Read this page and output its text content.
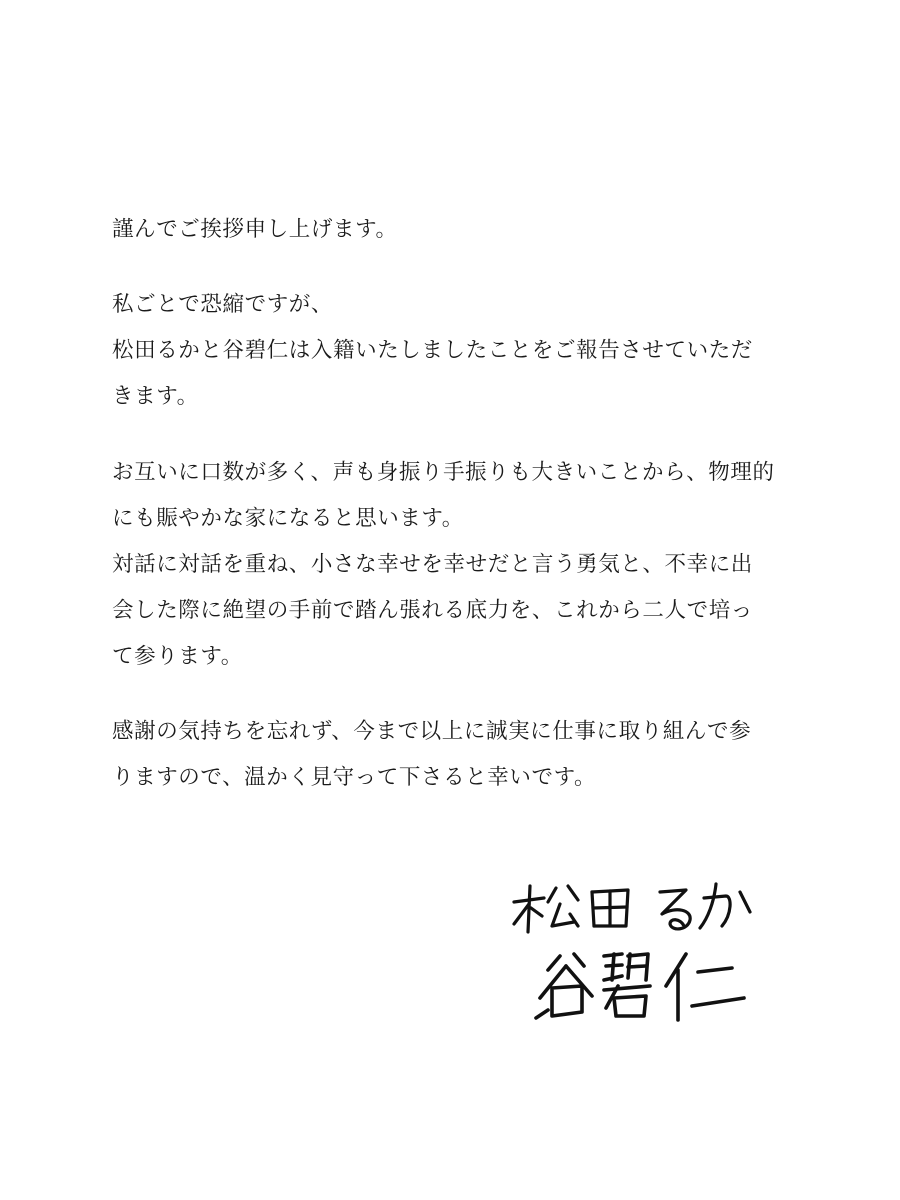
謹んでご挨拶申し上げます。
私ごとで恐縮ですが、
松田るかと谷碧仁は入籍いたしましたことをご報告させていただ
きます。
お互いに口数が多く、声も身振り手振りも大きいことから、物理的
にも賑やかな家になると思います。
対話に対話を重ね、小さな幸せを幸せだと言う勇気と、不幸に出
会した際に絶望の手前で踏ん張れる底力を、これから二人で培っ
て参ります。
感謝の気持ちを忘れず、今まで以上に誠実に仕事に取り組んで参
りますので、温かく見守って下さると幸いです。
